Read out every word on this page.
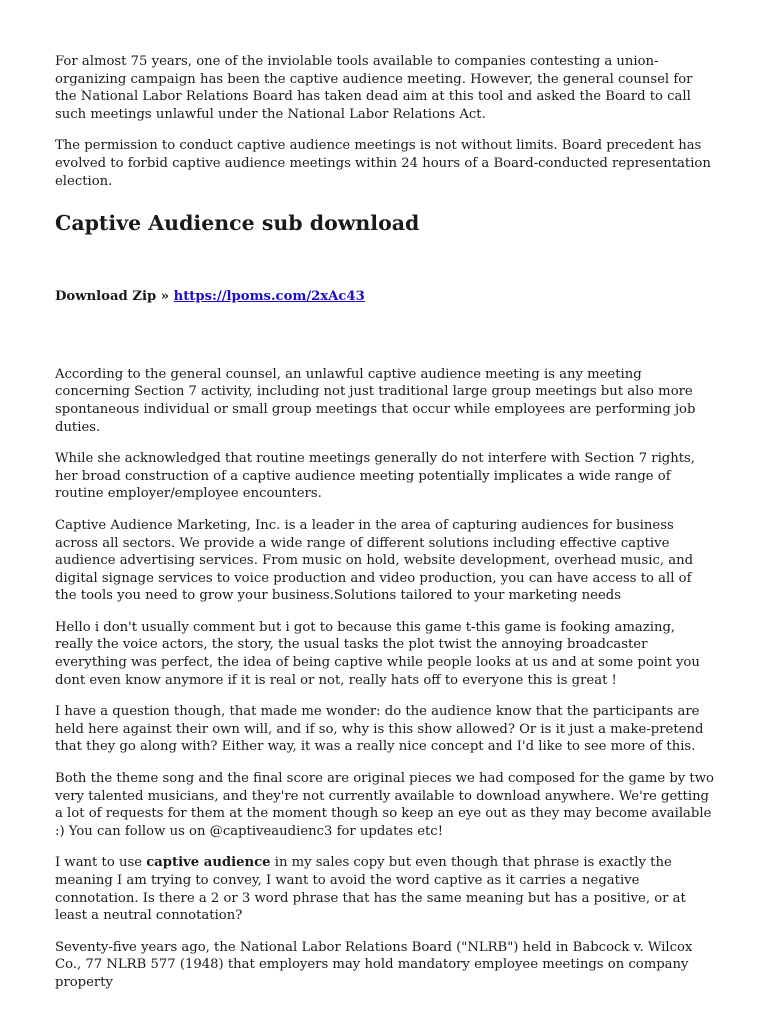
For almost 75 years, one of the inviolable tools available to companies contesting a union-organizing campaign has been the captive audience meeting. However, the general counsel for the National Labor Relations Board has taken dead aim at this tool and asked the Board to call such meetings unlawful under the National Labor Relations Act.

The permission to conduct captive audience meetings is not without limits. Board precedent has evolved to forbid captive audience meetings within 24 hours of a Board-conducted representation election.

Captive Audience sub download
Download Zip » https://lpoms.com/2xAc43

According to the general counsel, an unlawful captive audience meeting is any meeting concerning Section 7 activity, including not just traditional large group meetings but also more spontaneous individual or small group meetings that occur while employees are performing job duties.

While she acknowledged that routine meetings generally do not interfere with Section 7 rights, her broad construction of a captive audience meeting potentially implicates a wide range of routine employer/employee encounters.

Captive Audience Marketing, Inc. is a leader in the area of capturing audiences for business across all sectors. We provide a wide range of different solutions including effective captive audience advertising services. From music on hold, website development, overhead music, and digital signage services to voice production and video production, you can have access to all of the tools you need to grow your business.Solutions tailored to your marketing needs

Hello i don't usually comment but i got to because this game t-this game is fooking amazing, really the voice actors, the story, the usual tasks the plot twist the annoying broadcaster everything was perfect, the idea of being captive while people looks at us and at some point you dont even know anymore if it is real or not, really hats off to everyone this is great !

I have a question though, that made me wonder: do the audience know that the participants are held here against their own will, and if so, why is this show allowed? Or is it just a make-pretend that they go along with? Either way, it was a really nice concept and I'd like to see more of this.

Both the theme song and the final score are original pieces we had composed for the game by two very talented musicians, and they're not currently available to download anywhere. We're getting a lot of requests for them at the moment though so keep an eye out as they may become available :) You can follow us on @captiveaudienc3 for updates etc!

I want to use captive audience in my sales copy but even though that phrase is exactly the meaning I am trying to convey, I want to avoid the word captive as it carries a negative connotation. Is there a 2 or 3 word phrase that has the same meaning but has a positive, or at least a neutral connotation?

Seventy-five years ago, the National Labor Relations Board ("NLRB") held in Babcock v. Wilcox Co., 77 NLRB 577 (1948) that employers may hold mandatory employee meetings on company property
